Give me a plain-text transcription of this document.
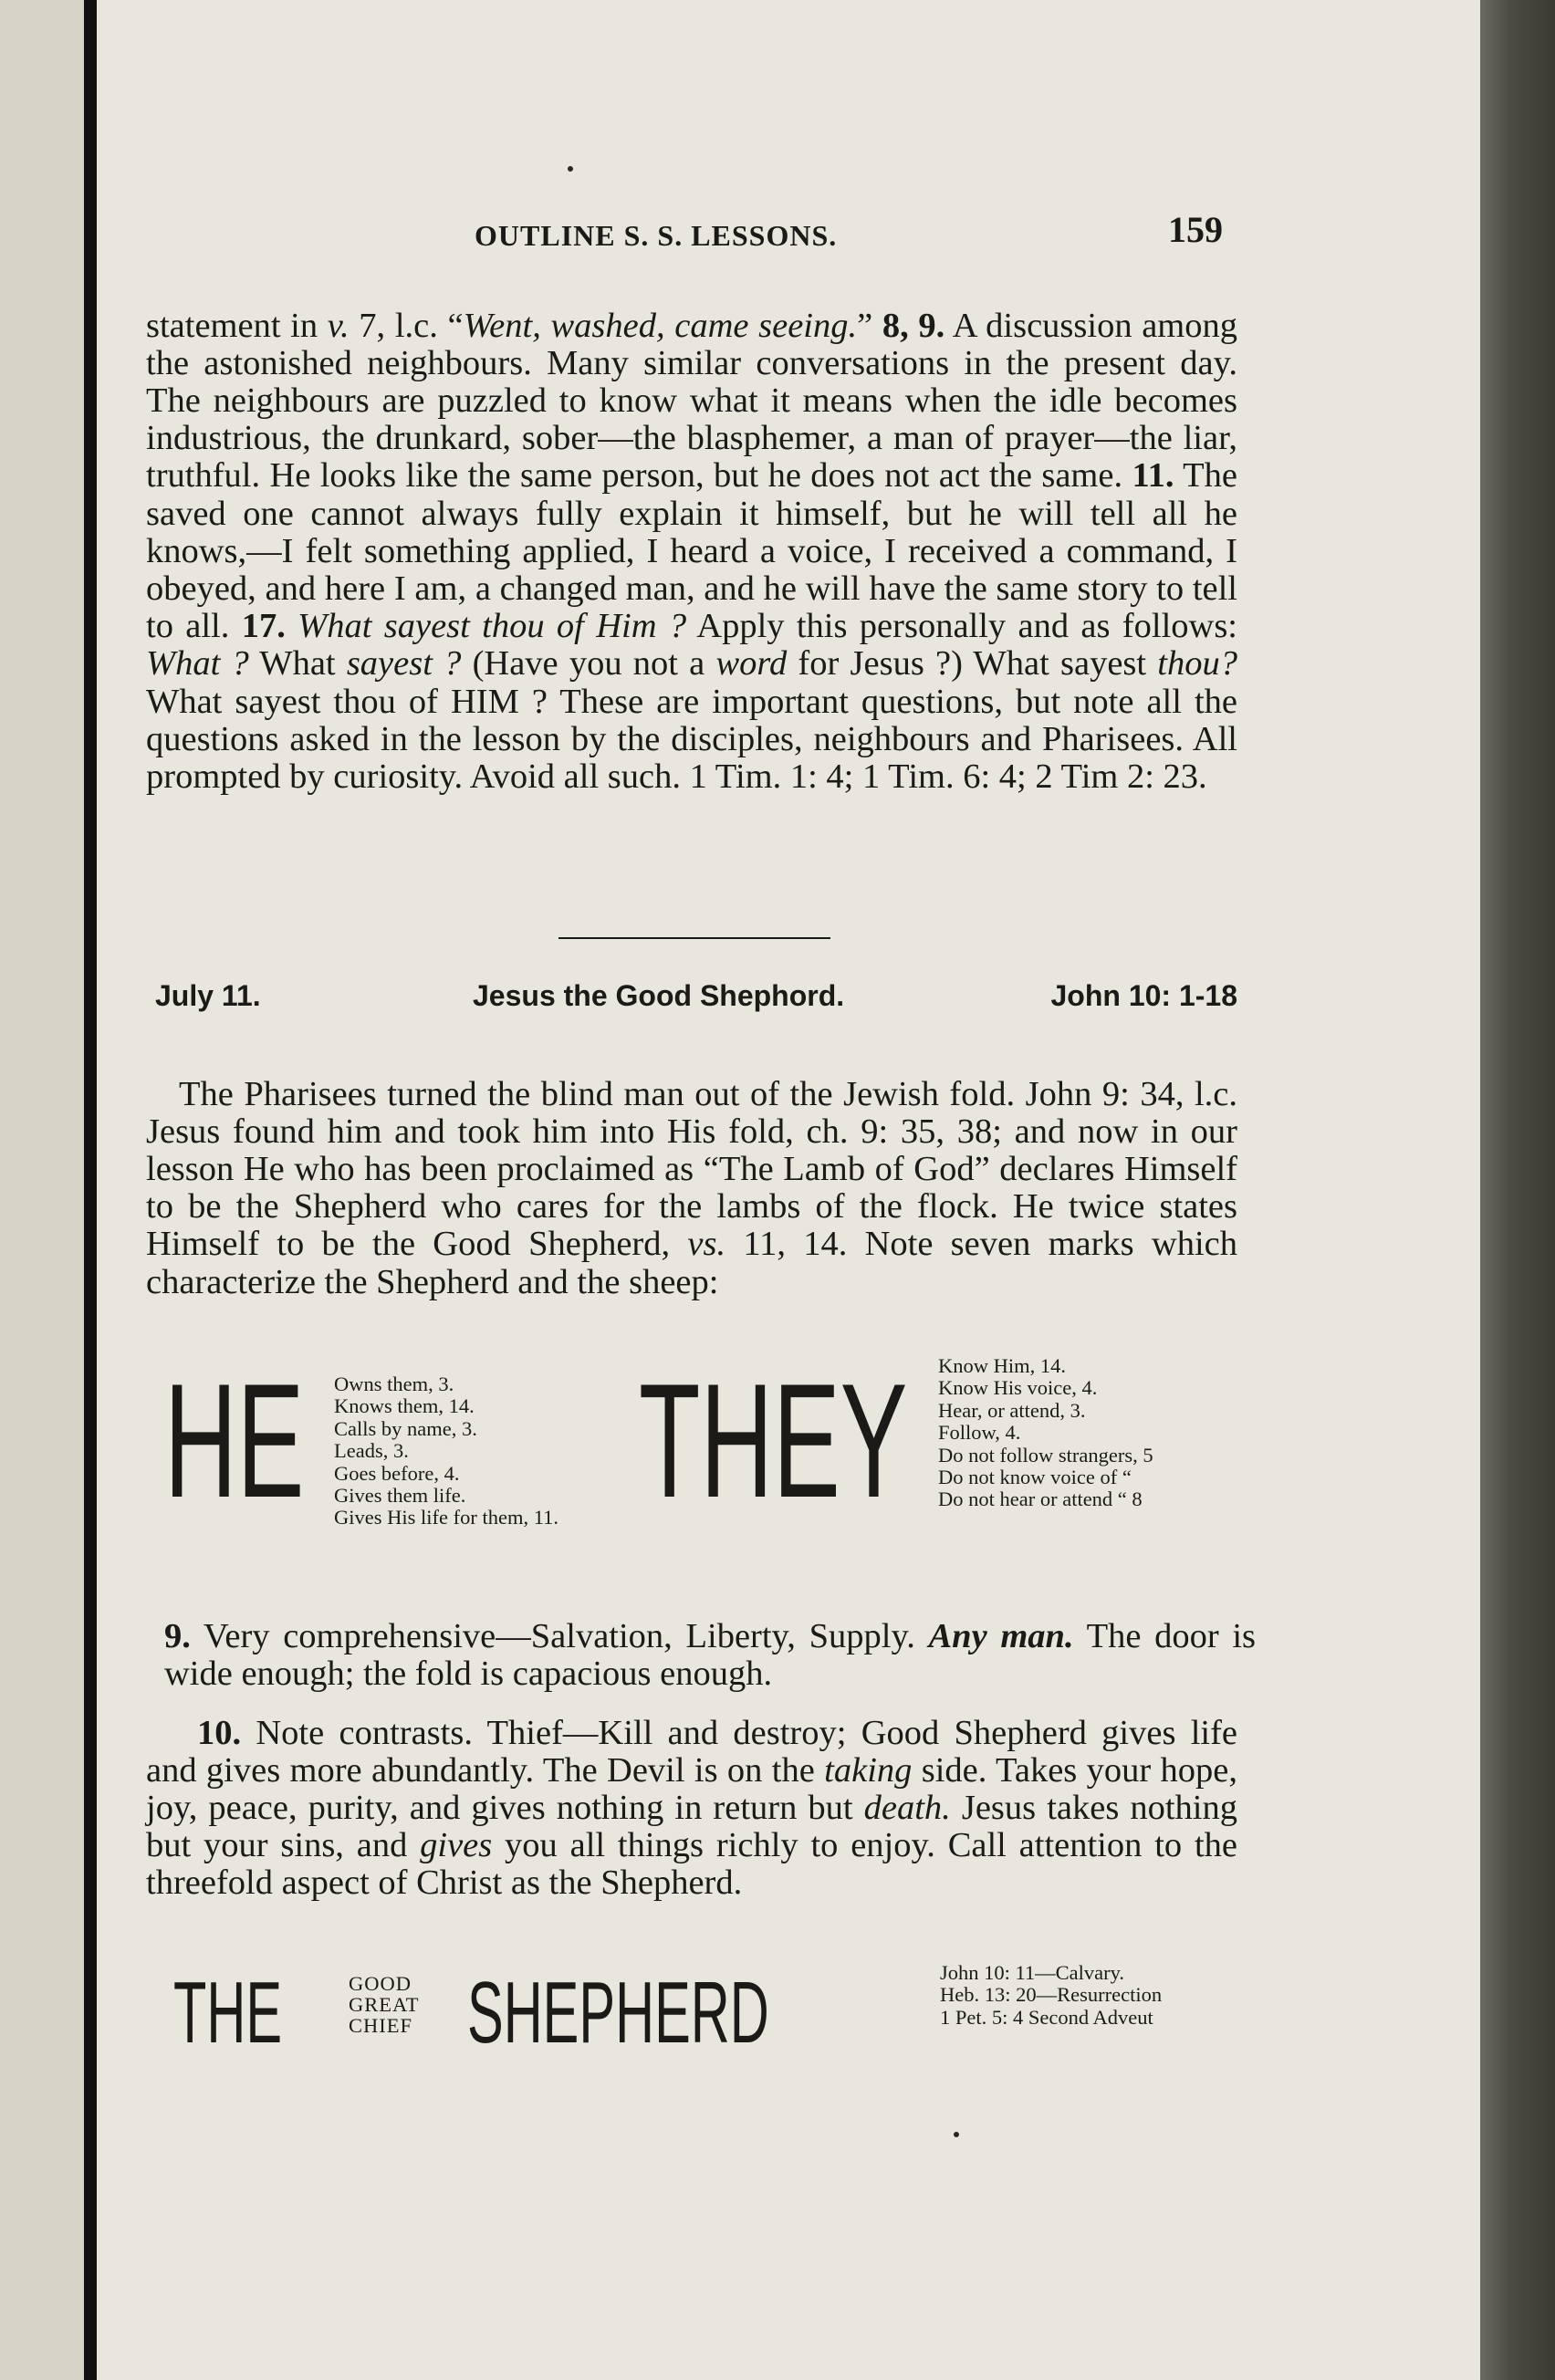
OUTLINE S. S. LESSONS.	159

statement in v. 7, l.c. “Went, washed, came seeing.” 8, 9. A discussion among the astonished neighbours. Many similar conversations in the present day. The neighbours are puzzled to know what it means when the idle becomes industrious, the drunkard, sober—the blasphemer, a man of prayer—the liar, truthful. He looks like the same person, but he does not act the same. 11. The saved one cannot always fully explain it himself, but he will tell all he knows,—I felt something applied, I heard a voice, I received a command, I obeyed, and here I am, a changed man, and he will have the same story to tell to all. 17. What sayest thou of Him ? Apply this personally and as follows: What ? What sayest ? (Have you not a word for Jesus ?) What sayest thou? What sayest thou of HIM ? These are important questions, but note all the questions asked in the lesson by the disciples, neighbours and Pharisees. All prompted by curiosity. Avoid all such. 1 Tim. 1: 4; 1 Tim. 6: 4; 2 Tim 2: 23.

July 11.	Jesus the Good Shephord.	John 10: 1-18

The Pharisees turned the blind man out of the Jewish fold. John 9: 34, l.c. Jesus found him and took him into His fold, ch. 9: 35, 38; and now in our lesson He who has been proclaimed as “The Lamb of God” declares Himself to be the Shepherd who cares for the lambs of the flock. He twice states Himself to be the Good Shepherd, vs. 11, 14. Note seven marks which characterize the Shepherd and the sheep:

HE Owns them, 3.
Knows them, 14.
Calls by name, 3.
Leads, 3.
Goes before, 4.
Gives them life.
Gives His life for them, 11. THEY Know Him, 14.
Know His voice, 4.
Hear, or attend, 3.
Follow, 4.
Do not follow strangers, 5
Do not know voice of “
Do not hear or attend “ 8

9. Very comprehensive—Salvation, Liberty, Supply. Any man. The door is wide enough; the fold is capacious enough.

10. Note contrasts. Thief—Kill and destroy; Good Shepherd gives life and gives more abundantly. The Devil is on the taking side. Takes your hope, joy, peace, purity, and gives nothing in return but death. Jesus takes nothing but your sins, and gives you all things richly to enjoy. Call attention to the threefold aspect of Christ as the Shepherd.

THE	GOOD
GREAT
CHIEF SHEPHERD	John 10: 11—Calvary.
Heb. 13: 20—Resurrection
1 Pet. 5: 4 Second Adveut
